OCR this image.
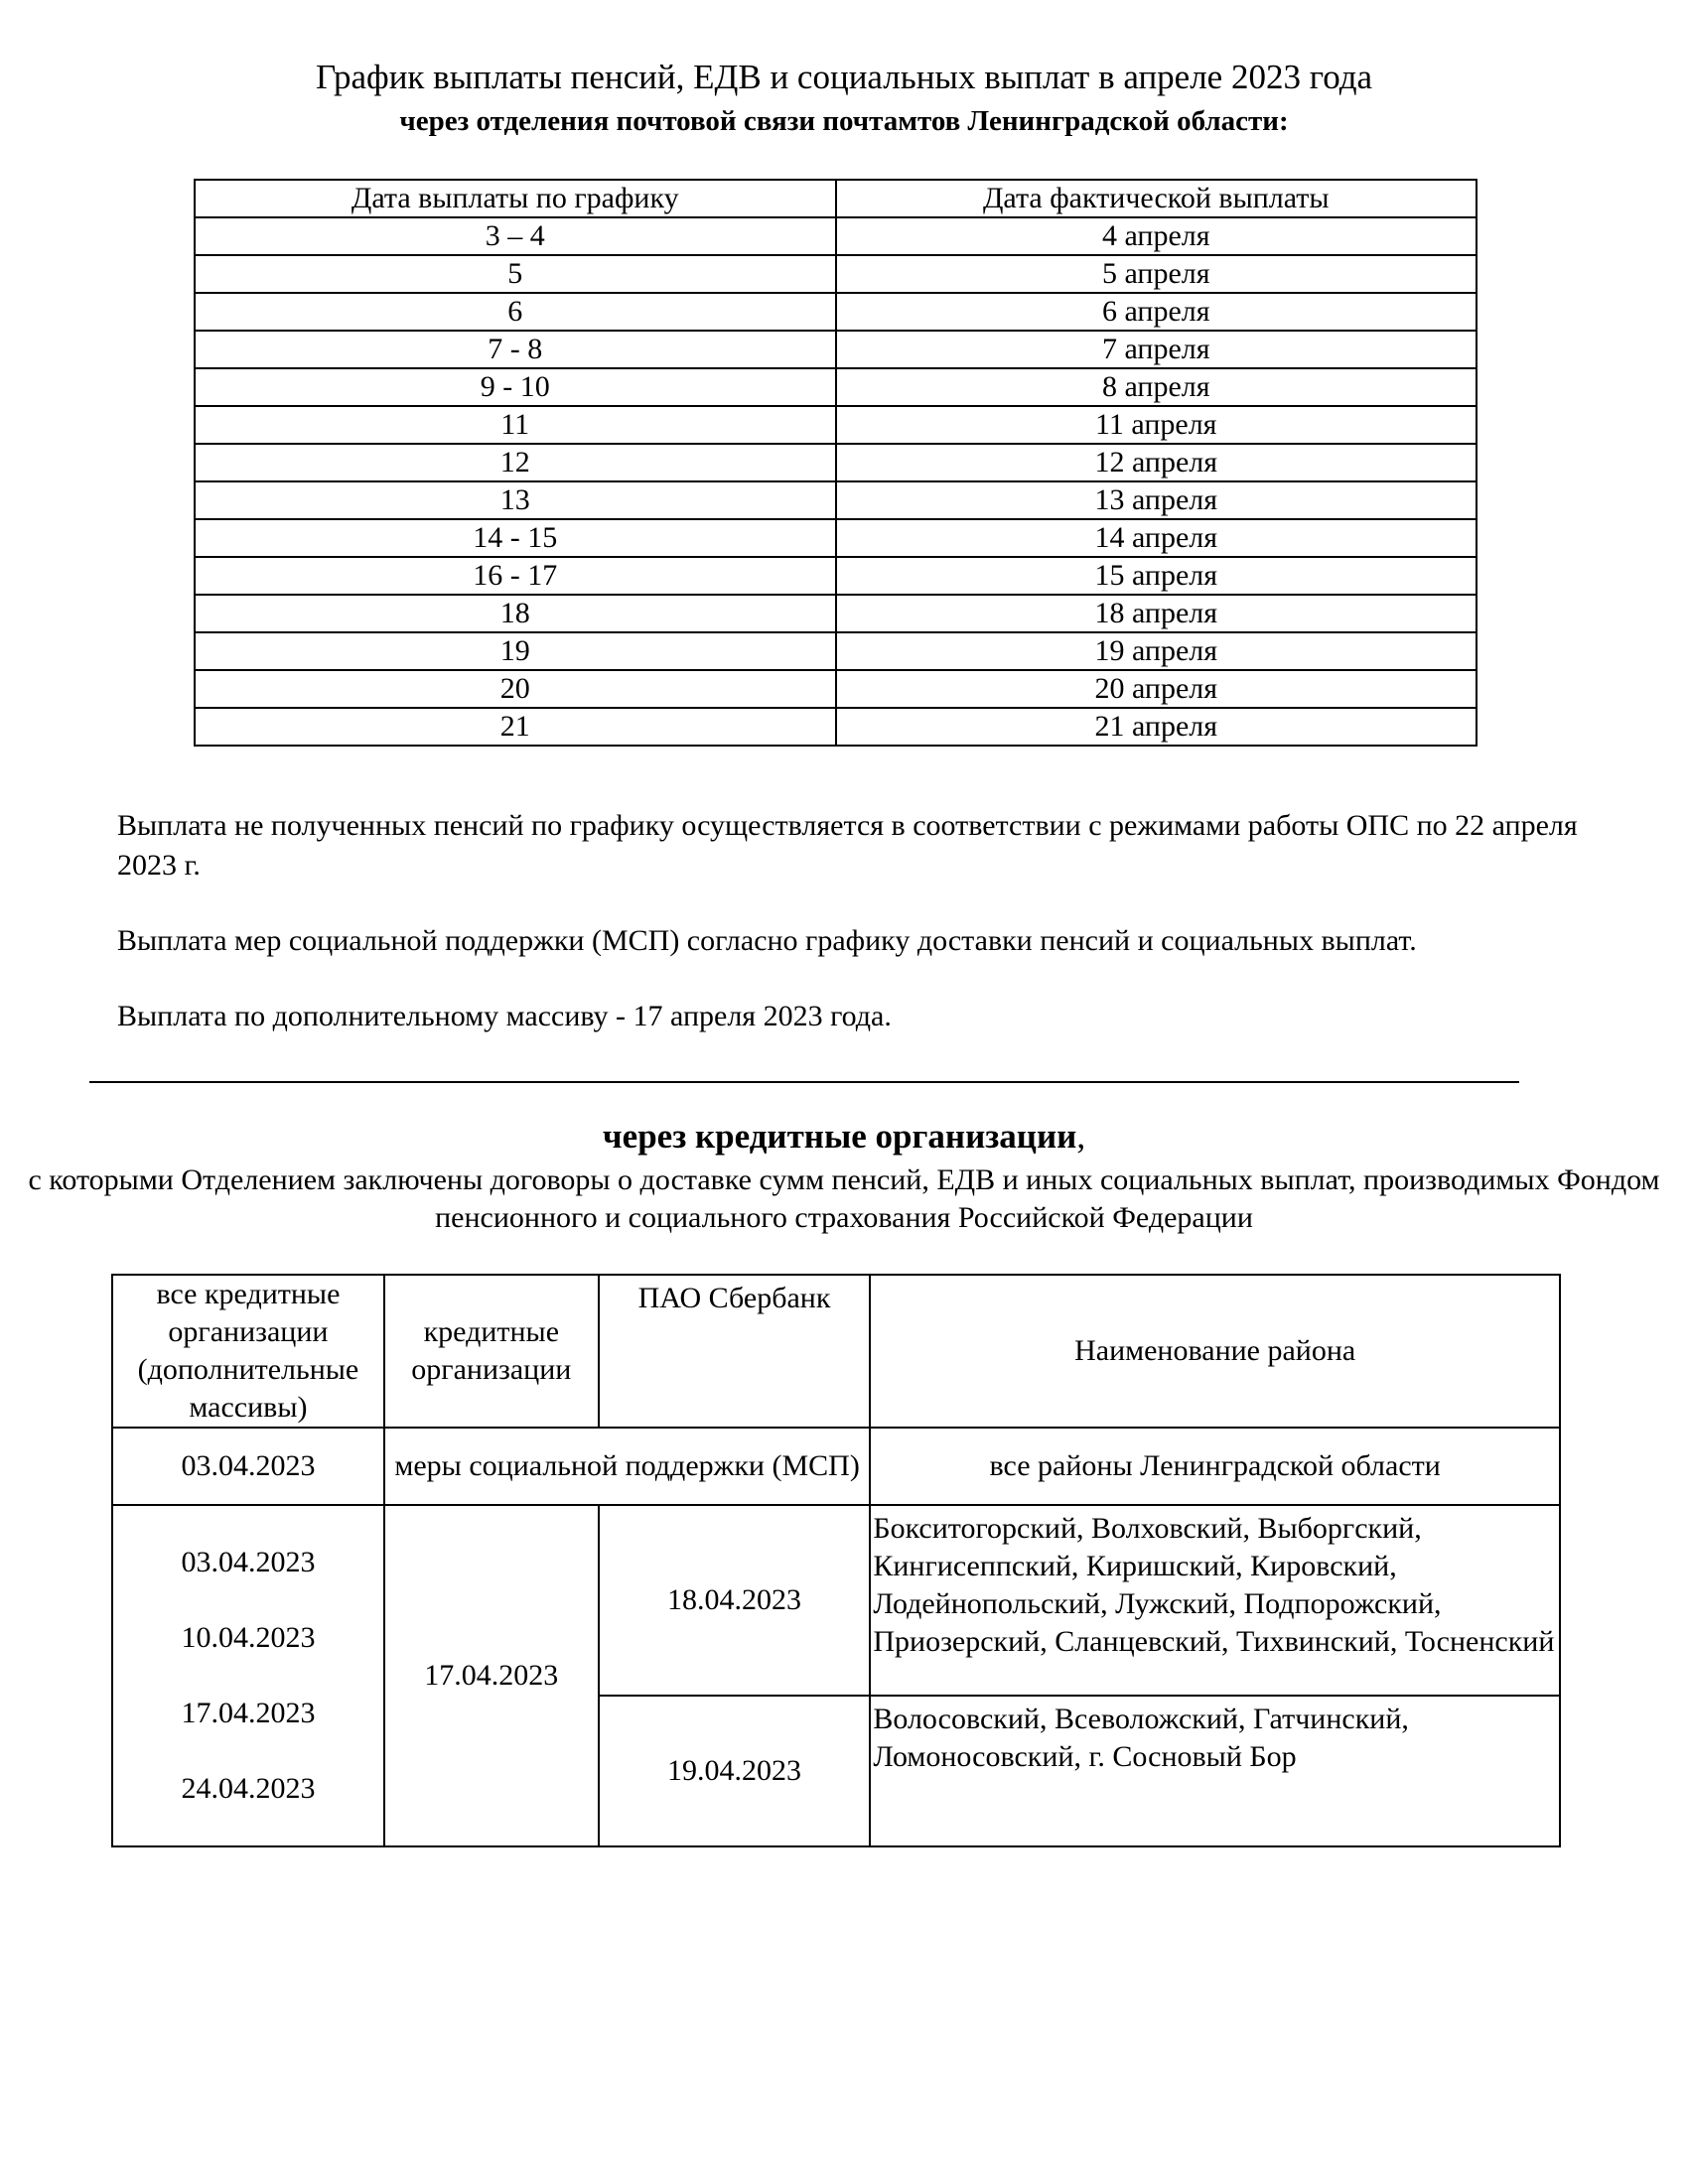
График выплаты пенсий, ЕДВ и социальных выплат в апреле 2023 года
через отделения почтовой связи почтамтов Ленинградской области:
Дата выплаты по графику	Дата фактической выплаты
3 – 4	4 апреля
5	5 апреля
6	6 апреля
7 - 8	7 апреля
9 - 10	8 апреля
11	11 апреля
12	12 апреля
13	13 апреля
14 - 15	14 апреля
16 - 17	15 апреля
18	18 апреля
19	19 апреля
20	20 апреля
21	21 апреля
Выплата не полученных пенсий по графику осуществляется в соответствии с режимами работы ОПС по 22 апреля 2023 г.
Выплата мер социальной поддержки (МСП) согласно графику доставки пенсий и социальных выплат.
Выплата по дополнительному массиву - 17 апреля 2023 года.
через кредитные организации,
с которыми Отделением заключены договоры о доставке сумм пенсий, ЕДВ и иных социальных выплат, производимых Фондом пенсионного и социального страхования Российской Федерации
все кредитные организации (дополнительные массивы)	кредитные организации	ПАО Сбербанк	Наименование района
03.04.2023	меры социальной поддержки (МСП)		все районы Ленинградской области

03.04.2023
10.04.2023
17.04.2023
24.04.2023	17.04.2023	18.04.2023	Бокситогорский, Волховский, Выборгский, Кингисеппский, Киришский, Кировский, Лодейнопольский, Лужский, Подпорожский, Приозерский, Сланцевский, Тихвинский, Тосненский
		19.04.2023	Волосовский, Всеволожский, Гатчинский, Ломоносовский, г. Сосновый Бор
